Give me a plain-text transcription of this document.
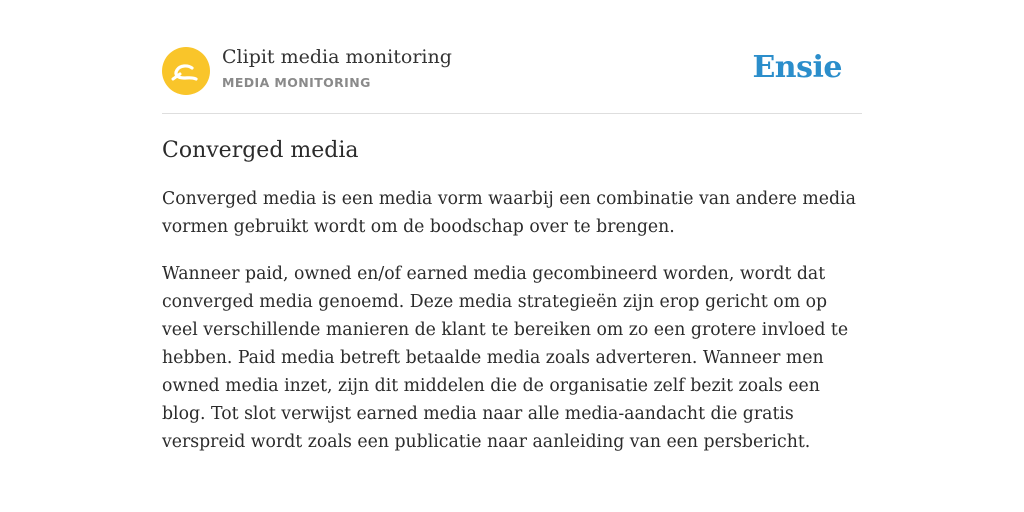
Clipit media monitoring
MEDIA MONITORING	Ensie
Converged media

Converged media is een media vorm waarbij een combinatie van andere media vormen gebruikt wordt om de boodschap over te brengen.

Wanneer paid, owned en/of earned media gecombineerd worden, wordt dat converged media genoemd. Deze media strategieën zijn erop gericht om op veel verschillende manieren de klant te bereiken om zo een grotere invloed te hebben. Paid media betreft betaalde media zoals adverteren. Wanneer men owned media inzet, zijn dit middelen die de organisatie zelf bezit zoals een blog. Tot slot verwijst earned media naar alle media-aandacht die gratis verspreid wordt zoals een publicatie naar aanleiding van een persbericht.
